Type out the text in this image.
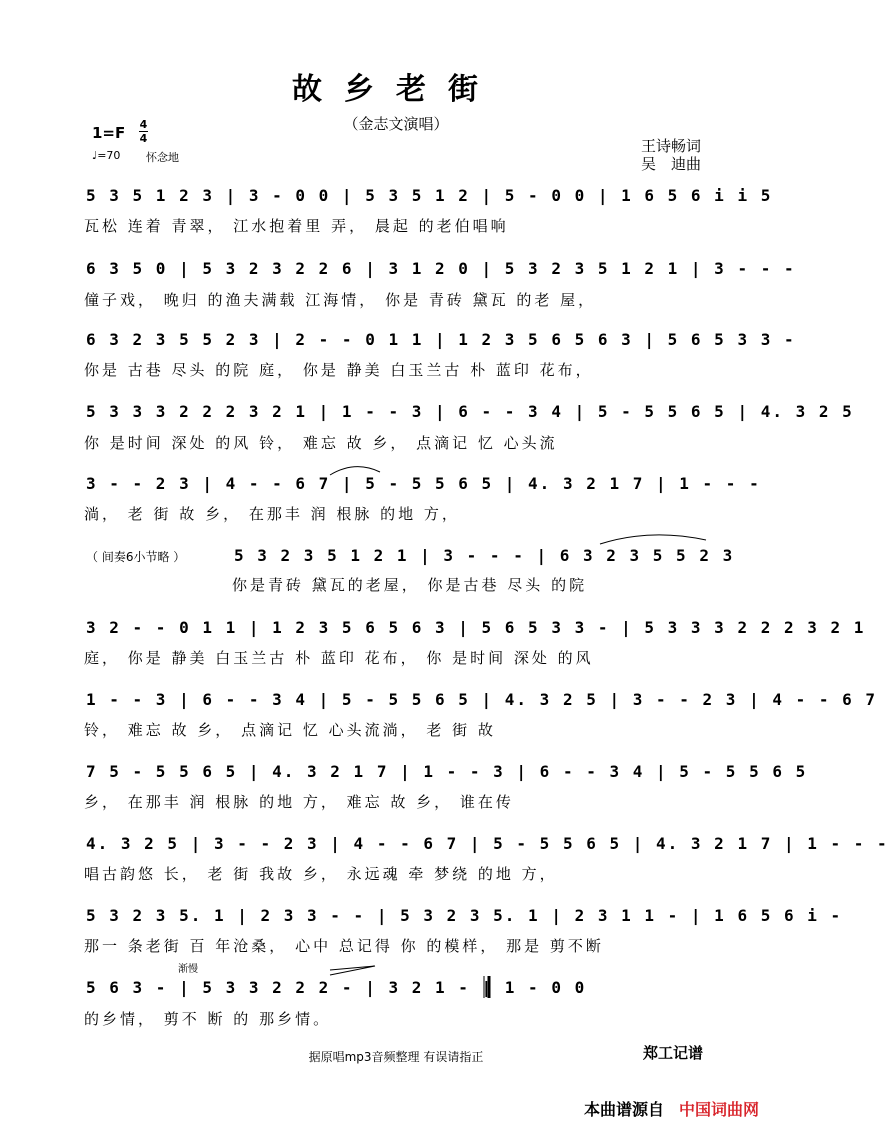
故乡老街
（金志文演唱）
1=F 4
4
♩=70 怀念地
王诗畅词
吴　迪曲
5 3 5 1 2 3 | 3 - 0 0 | 5 3 5 1 2 | 5 - 0 0 | 1 6 5 6 i i 5
瓦松 连着 青翠， 江水抱着里 弄， 晨起 的老伯唱响
6 3 5 0 | 5 3 2 3 2 2 6 | 3 1 2 0 | 5 3 2 3 5 1 2 1 | 3 - - -
僮子戏， 晚归 的渔夫满载 江海情， 你是 青砖 黛瓦 的老 屋，
6 3 2 3 5 5 2 3 | 2 - - 0 1 1 | 1 2 3 5 6 5 6 3 | 5 6 5 3 3 -
你是 古巷 尽头 的院 庭， 你是 静美 白玉兰古 朴 蓝印 花布，
5 3 3 3 2 2 2 3 2 1 | 1 - - 3 | 6 - - 3 4 | 5 - 5 5 6 5 | 4. 3 2 5
你 是时间 深处 的风 铃， 难忘 故 乡， 点滴记 忆 心头流
3 - - 2 3 | 4 - - 6 7 | 5 - 5 5 6 5 | 4. 3 2 1 7 | 1 - - -
淌， 老 街 故 乡， 在那丰 润 根脉 的地 方，
（ 间奏6小节略 ）	5 3 2 3 5 1 2 1 | 3 - - - | 6 3 2 3 5 5 2 3
你是青砖 黛瓦的老屋， 你是古巷 尽头 的院
3 2 - - 0 1 1 | 1 2 3 5 6 5 6 3 | 5 6 5 3 3 - | 5 3 3 3 2 2 2 3 2 1
庭， 你是 静美 白玉兰古 朴 蓝印 花布， 你 是时间 深处 的风
1 - - 3 | 6 - - 3 4 | 5 - 5 5 6 5 | 4. 3 2 5 | 3 - - 2 3 | 4 - - 6 7
铃， 难忘 故 乡， 点滴记 忆 心头流淌， 老 街 故
7 5 - 5 5 6 5 | 4. 3 2 1 7 | 1 - - 3 | 6 - - 3 4 | 5 - 5 5 6 5
乡， 在那丰 润 根脉 的地 方， 难忘 故 乡， 谁在传
4. 3 2 5 | 3 - - 2 3 | 4 - - 6 7 | 5 - 5 5 6 5 | 4. 3 2 1 7 | 1 - - -
唱古韵悠 长， 老 街 我故 乡， 永远魂 牵 梦绕 的地 方，
5 3 2 3 5. 1 | 2 3 3 - - | 5 3 2 3 5. 1 | 2 3 1 1 - | 1 6 5 6 i -
那一 条老街 百 年沧桑， 心中 总记得 你 的模样， 那是 剪不断
渐慢
5 6 3 - | 5 3 3 2 2 2 - | 3 2 1 - | 1 - 0 0
的乡情， 剪不 断 的 那乡情。
郑工记谱
据原唱mp3音频整理 有误请指正
本曲谱源自 中国词曲网
